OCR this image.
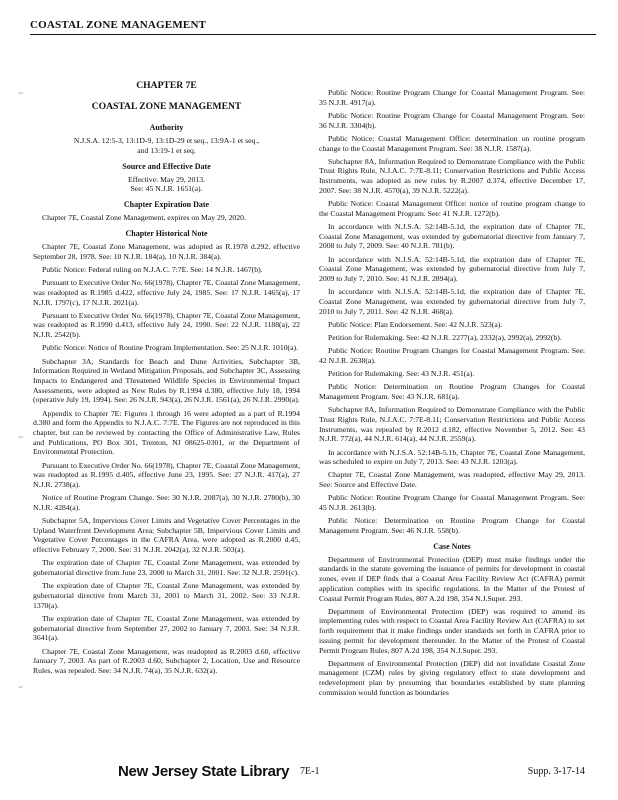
COASTAL ZONE MANAGEMENT
⌣
⌣
⌣
CHAPTER 7E
COASTAL ZONE MANAGEMENT
Authority

N.J.S.A. 12:5-3, 13:1D-9, 13:1D-29 et seq., 13:9A-1 et seq., and 13:19-1 et seq.

Source and Effective Date

Effective: May 29, 2013.

See: 45 N.J.R. 1651(a).

Chapter Expiration Date

Chapter 7E, Coastal Zone Management, expires on May 29, 2020.

Chapter Historical Note

Chapter 7E, Coastal Zone Management, was adopted as R.1978 d.292, effective September 28, 1978. See: 10 N.J.R. 184(a), 10 N.J.R. 384(a).

Public Notice: Federal ruling on N.J.A.C. 7:7E. See: 14 N.J.R. 1467(b).

Pursuant to Executive Order No. 66(1978), Chapter 7E, Coastal Zone Management, was readopted as R.1985 d.422, effective July 24, 1985. See: 17 N.J.R. 1465(a), 17 N.J.R. 1797(c), 17 N.J.R. 2021(a).

Pursuant to Executive Order No. 66(1978), Chapter 7E, Coastal Zone Management, was readopted as R.1990 d.413, effective July 24, 1990. See: 22 N.J.R. 1188(a), 22 N.J.R. 2542(b).

Public Notice: Notice of Routine Program Implementation. See: 25 N.J.R. 1010(a).

Subchapter 3A, Standards for Beach and Dune Activities, Subchapter 3B, Information Required in Wetland Mitigation Proposals, and Subchapter 3C, Assessing Impacts to Endangered and Threatened Wildlife Species in Environmental Impact Assessments, were adopted as New Rules by R.1994 d.380, effective July 18, 1994 (operative July 19, 1994). See: 26 N.J.R. 943(a), 26 N.J.R. 1561(a), 26 N.J.R. 2990(a).

Appendix to Chapter 7E: Figures 1 through 16 were adopted as a part of R.1994 d.380 and form the Appendix to N.J.A.C. 7:7E. The Figures are not reproduced in this chapter, but can be reviewed by contacting the Office of Administrative Law, Rules and Publications, PO Box 301, Trenton, NJ 08625-0301, or the Department of Environmental Protection.

Pursuant to Executive Order No. 66(1978), Chapter 7E, Coastal Zone Management, was readopted as R.1995 d.405, effective June 23, 1995. See: 27 N.J.R. 417(a), 27 N.J.R. 2738(a).

Notice of Routine Program Change. See: 30 N.J.R. 2087(a), 30 N.J.R. 2780(b), 30 N.J.R. 4284(a).

Subchapter 5A, Impervious Cover Limits and Vegetative Cover Percentages in the Upland Waterfront Development Area; Subchapter 5B, Impervious Cover Limits and Vegetative Cover Percentages in the CAFRA Area, were adopted as R.2000 d.45, effective February 7, 2000. See: 31 N.J.R. 2042(a), 32 N.J.R. 503(a).

The expiration date of Chapter 7E, Coastal Zone Management, was extended by gubernatorial directive from June 23, 2000 to March 31, 2001. See: 32 N.J.R. 2591(c).

The expiration date of Chapter 7E, Coastal Zone Management, was extended by gubernatorial directive from March 31, 2001 to March 31, 2002. See: 33 N.J.R. 1370(a).

The expiration date of Chapter 7E, Coastal Zone Management, was extended by gubernatorial directive from September 27, 2002 to January 7, 2003. See: 34 N.J.R. 3641(a).

Chapter 7E, Coastal Zone Management, was readopted as R.2003 d.60, effective January 7, 2003. As part of R.2003 d.60, Subchapter 2, Location, Use and Resource Rules, was repealed. See: 34 N.J.R. 74(a), 35 N.J.R. 632(a).

Public Notice: Routine Program Change for Coastal Management Program. See: 35 N.J.R. 4917(a).

Public Notice: Routine Program Change for Coastal Management Program. See: 36 N.J.R. 3304(b).

Public Notice: Coastal Management Office: determination on routine program change to the Coastal Management Program. See: 38 N.J.R. 1587(a).

Subchapter 8A, Information Required to Demonstrate Compliance with the Public Trust Rights Rule, N.J.A.C. 7:7E-8.11; Conservation Restrictions and Public Access Instruments, was adopted as new rules by R.2007 d.374, effective December 17, 2007. See: 38 N.J.R. 4570(a), 39 N.J.R. 5222(a).

Public Notice: Coastal Management Office: notice of routine program change to the Coastal Management Program. See: 41 N.J.R. 1272(b).

In accordance with N.J.S.A. 52:14B-5.1d, the expiration date of Chapter 7E, Coastal Zone Management, was extended by gubernatorial directive from January 7, 2008 to July 7, 2009. See: 40 N.J.R. 781(b).

In accordance with N.J.S.A. 52:14B-5.1d, the expiration date of Chapter 7E, Coastal Zone Management, was extended by gubernatorial directive from July 7, 2009 to July 7, 2010. See: 41 N.J.R. 2894(a).

In accordance with N.J.S.A. 52:14B-5.1d, the expiration date of Chapter 7E, Coastal Zone Management, was extended by gubernatorial directive from July 7, 2010 to July 7, 2011. See: 42 N.J.R. 468(a).

Public Notice: Plan Endorsement. See: 42 N.J.R. 523(a).

Petition for Rulemaking. See: 42 N.J.R. 2277(a), 2332(a), 2992(a), 2992(b).

Public Notice: Routine Program Changes for Coastal Management Program. See: 42 N.J.R. 2638(a).

Petition for Rulemaking. See: 43 N.J.R. 451(a).

Public Notice: Determination on Routine Program Changes for Coastal Management Program. See: 43 N.J.R. 681(a).

Subchapter 8A, Information Required to Demonstrate Compliance with the Public Trust Rights Rule, N.J.A.C. 7:7E-8.11; Conservation Restrictions and Public Access Instruments, was repealed by R.2012 d.182, effective November 5, 2012. See: 43 N.J.R. 772(a), 44 N.J.R. 614(a), 44 N.J.R. 2559(a).

In accordance with N.J.S.A. 52:14B-5.1b, Chapter 7E, Coastal Zone Management, was scheduled to expire on July 7, 2013. See: 43 N.J.R. 1203(a).

Chapter 7E, Coastal Zone Management, was readopted, effective May 29, 2013. See: Source and Effective Date.

Public Notice: Routine Program Change for Coastal Management Program. See: 45 N.J.R. 2613(b).

Public Notice: Determination on Routine Program Change for Coastal Management Program. See: 46 N.J.R. 558(b).

Case Notes

Department of Environmental Protection (DEP) must make findings under the standards in the statute governing the issuance of permits for development in coastal zones, even if DEP finds that a Coastal Area Facility Review Act (CAFRA) permit application complies with its specific regulations. In the Matter of the Protest of Coastal Permit Program Rules, 807 A.2d 198, 354 N.J.Super. 293.

Department of Environmental Protection (DEP) was required to amend its implementing rules with respect to Coastal Area Facility Review Act (CAFRA) to set forth requirement that it make findings under standards set forth in CAFRA prior to issuing permit for development thereunder. In the Matter of the Protest of Coastal Permit Program Rules, 807 A.2d 198, 354 N.J.Super. 293.

Department of Environmental Protection (DEP) did not invalidate Coastal Zone management (CZM) rules by giving regulatory effect to state development and redevelopment plan by presuming that boundaries established by state planning commission would function as boundaries

New Jersey State Library 7E-1	Supp. 3-17-14
